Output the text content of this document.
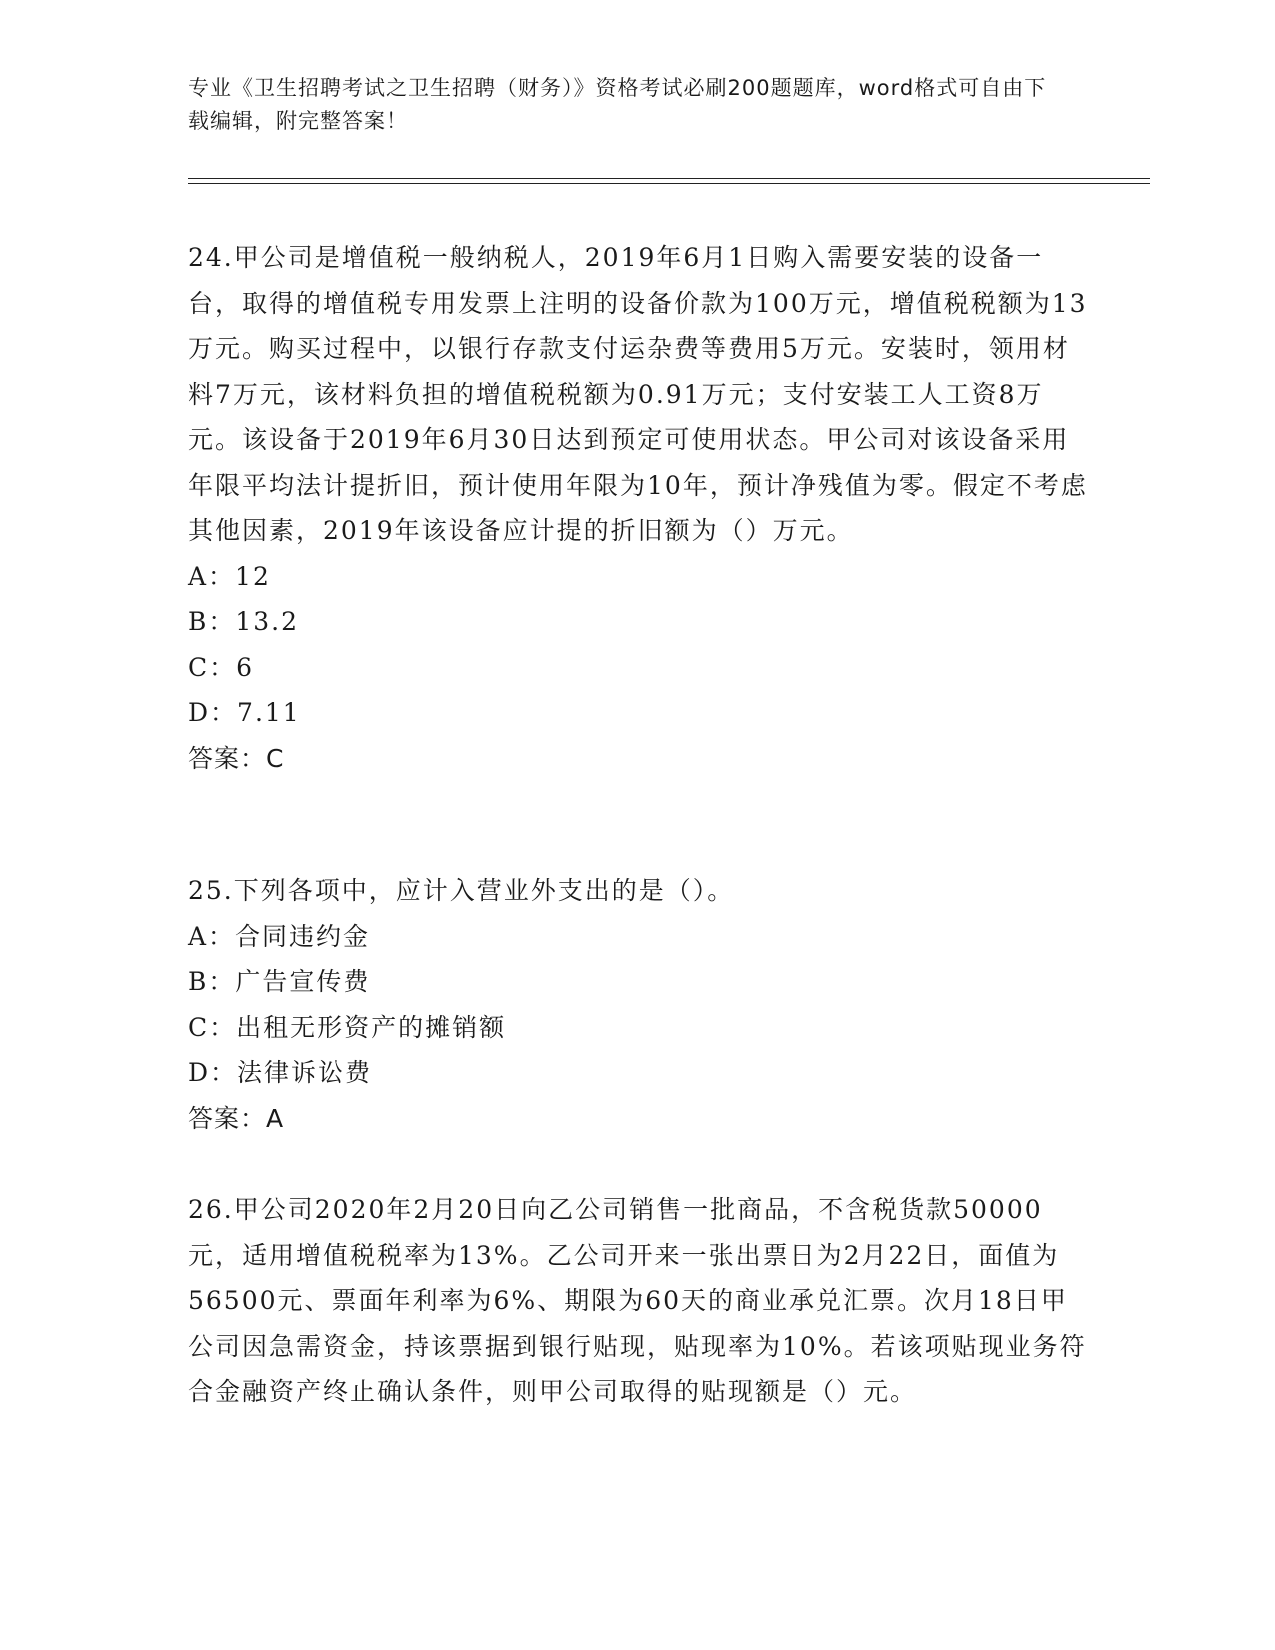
专业《卫生招聘考试之卫生招聘（财务）》资格考试必刷200题题库，word格式可自由下载编辑，附完整答案！

24.甲公司是增值税一般纳税人，2019年6月1日购入需要安装的设备一台，取得的增值税专用发票上注明的设备价款为100万元，增值税税额为13万元。购买过程中，以银行存款支付运杂费等费用5万元。安装时，领用材料7万元，该材料负担的增值税税额为0.91万元；支付安装工人工资8万元。该设备于2019年6月30日达到预定可使用状态。甲公司对该设备采用年限平均法计提折旧，预计使用年限为10年，预计净残值为零。假定不考虑其他因素，2019年该设备应计提的折旧额为（）万元。

A：12
B：13.2
C：6
D：7.11
答案：C

25.下列各项中，应计入营业外支出的是（）。

A：合同违约金
B：广告宣传费
C：出租无形资产的摊销额
D：法律诉讼费
答案：A

26.甲公司2020年2月20日向乙公司销售一批商品，不含税货款50000元，适用增值税税率为13%。乙公司开来一张出票日为2月22日，面值为56500元、票面年利率为6%、期限为60天的商业承兑汇票。次月18日甲公司因急需资金，持该票据到银行贴现，贴现率为10%。若该项贴现业务符合金融资产终止确认条件，则甲公司取得的贴现额是（）元。
